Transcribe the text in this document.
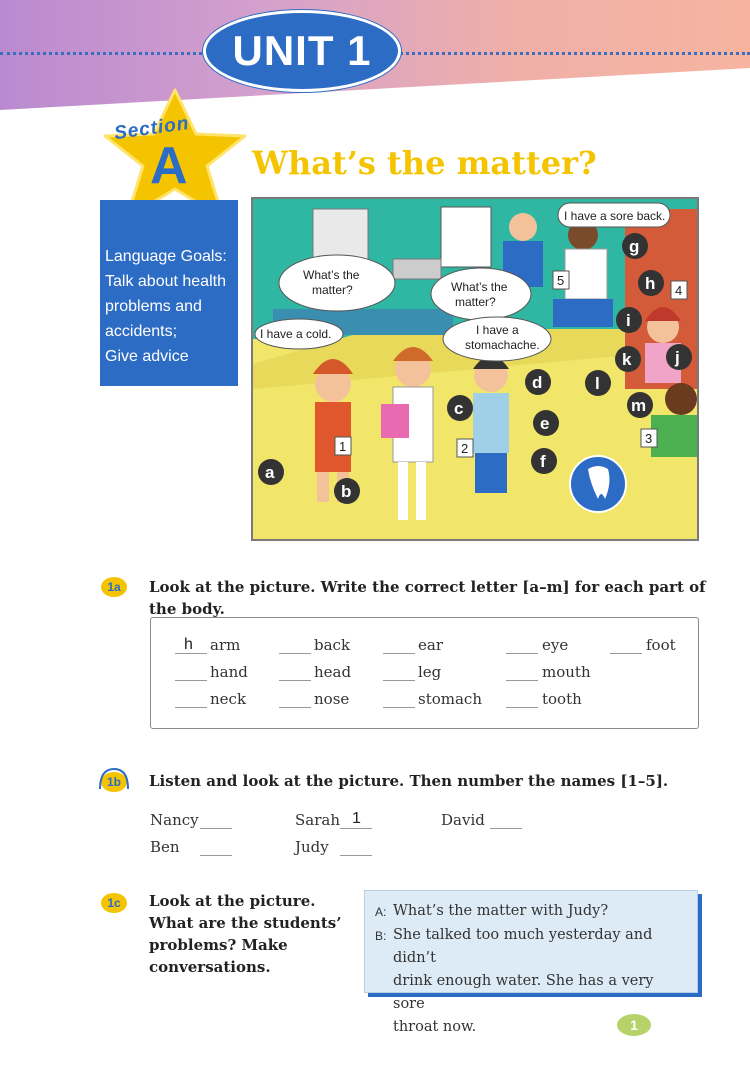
UNIT 1
Section
A What’s the matter?
Language Goals:
Talk about health
problems and
accidents;
Give advice
I have a sore back.
What’s the
matter?	What’s the
matter?
I have a cold.	I have a
stomachache.
1	2
3
4
5
a
b
c
d
e
f
g
h
i
j
k
l
m
1a	Look at the picture. Write the correct letter [a–m] for each part of the body.
h arm	back	ear	eye	foot
hand	head	leg	mouth
neck	nose	stomach	tooth
1b	Listen and look at the picture. Then number the names [1–5].
Nancy	Sarah 1	David
Ben	Judy
1c	Look at the picture.
What are the students’
problems? Make
conversations.
A: What’s the matter with Judy?
B: She talked too much yesterday and didn’t
drink enough water. She has a very sore
throat now.	1
